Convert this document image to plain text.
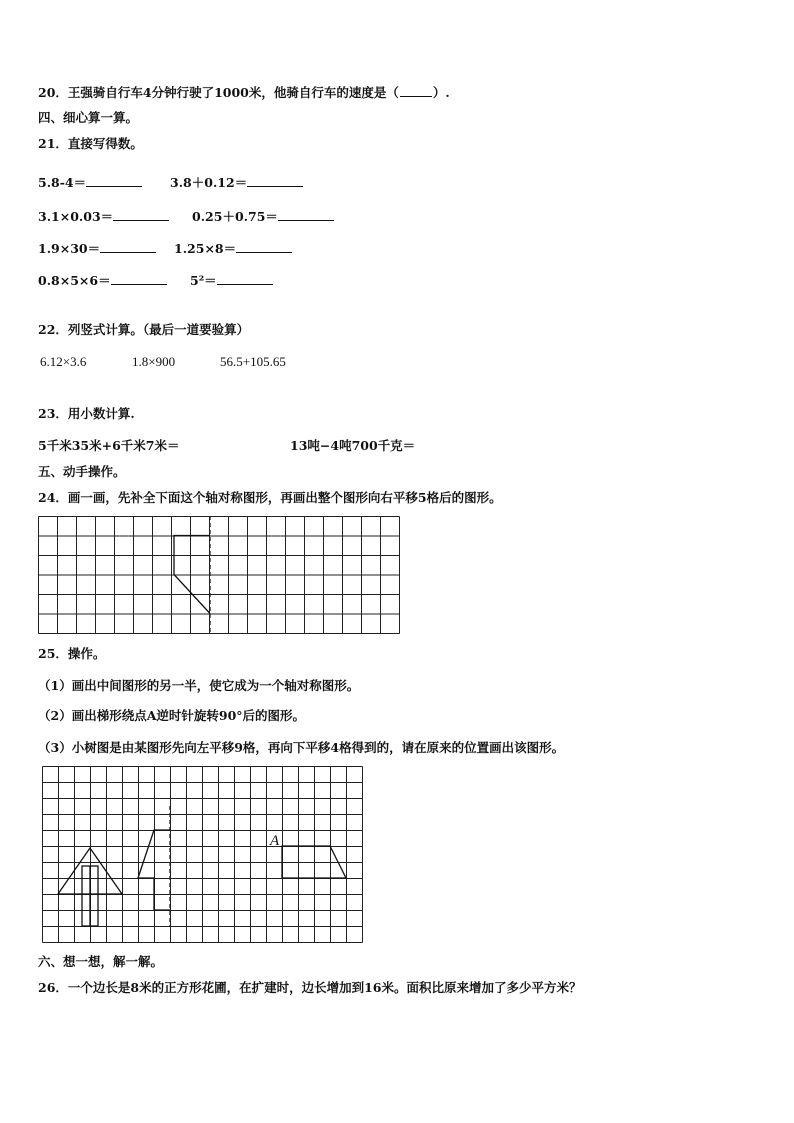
20．王强骑自行车4分钟行驶了1000米，他骑自行车的速度是（	）.
四、细心算一算。
21．直接写得数。
5.8-4＝	3.8＋0.12＝
3.1×0.03＝	0.25＋0.75＝
1.9×30＝	1.25×8＝
0.8×5×6＝	5²＝
22．列竖式计算。（最后一道要验算）
6.12×3.6	1.8×900	56.5+105.65
23．用小数计算.
5千米35米+6千米7米＝	13吨−4吨700千克＝
五、动手操作。
24．画一画，先补全下面这个轴对称图形，再画出整个图形向右平移5格后的图形。
25．操作。
（1）画出中间图形的另一半，使它成为一个轴对称图形。
（2）画出梯形绕点A逆时针旋转90°后的图形。
（3）小树图是由某图形先向左平移9格，再向下平移4格得到的，请在原来的位置画出该图形。
A
六、想一想，解一解。
26．一个边长是8米的正方形花圃，在扩建时，边长增加到16米。面积比原来增加了多少平方米？
